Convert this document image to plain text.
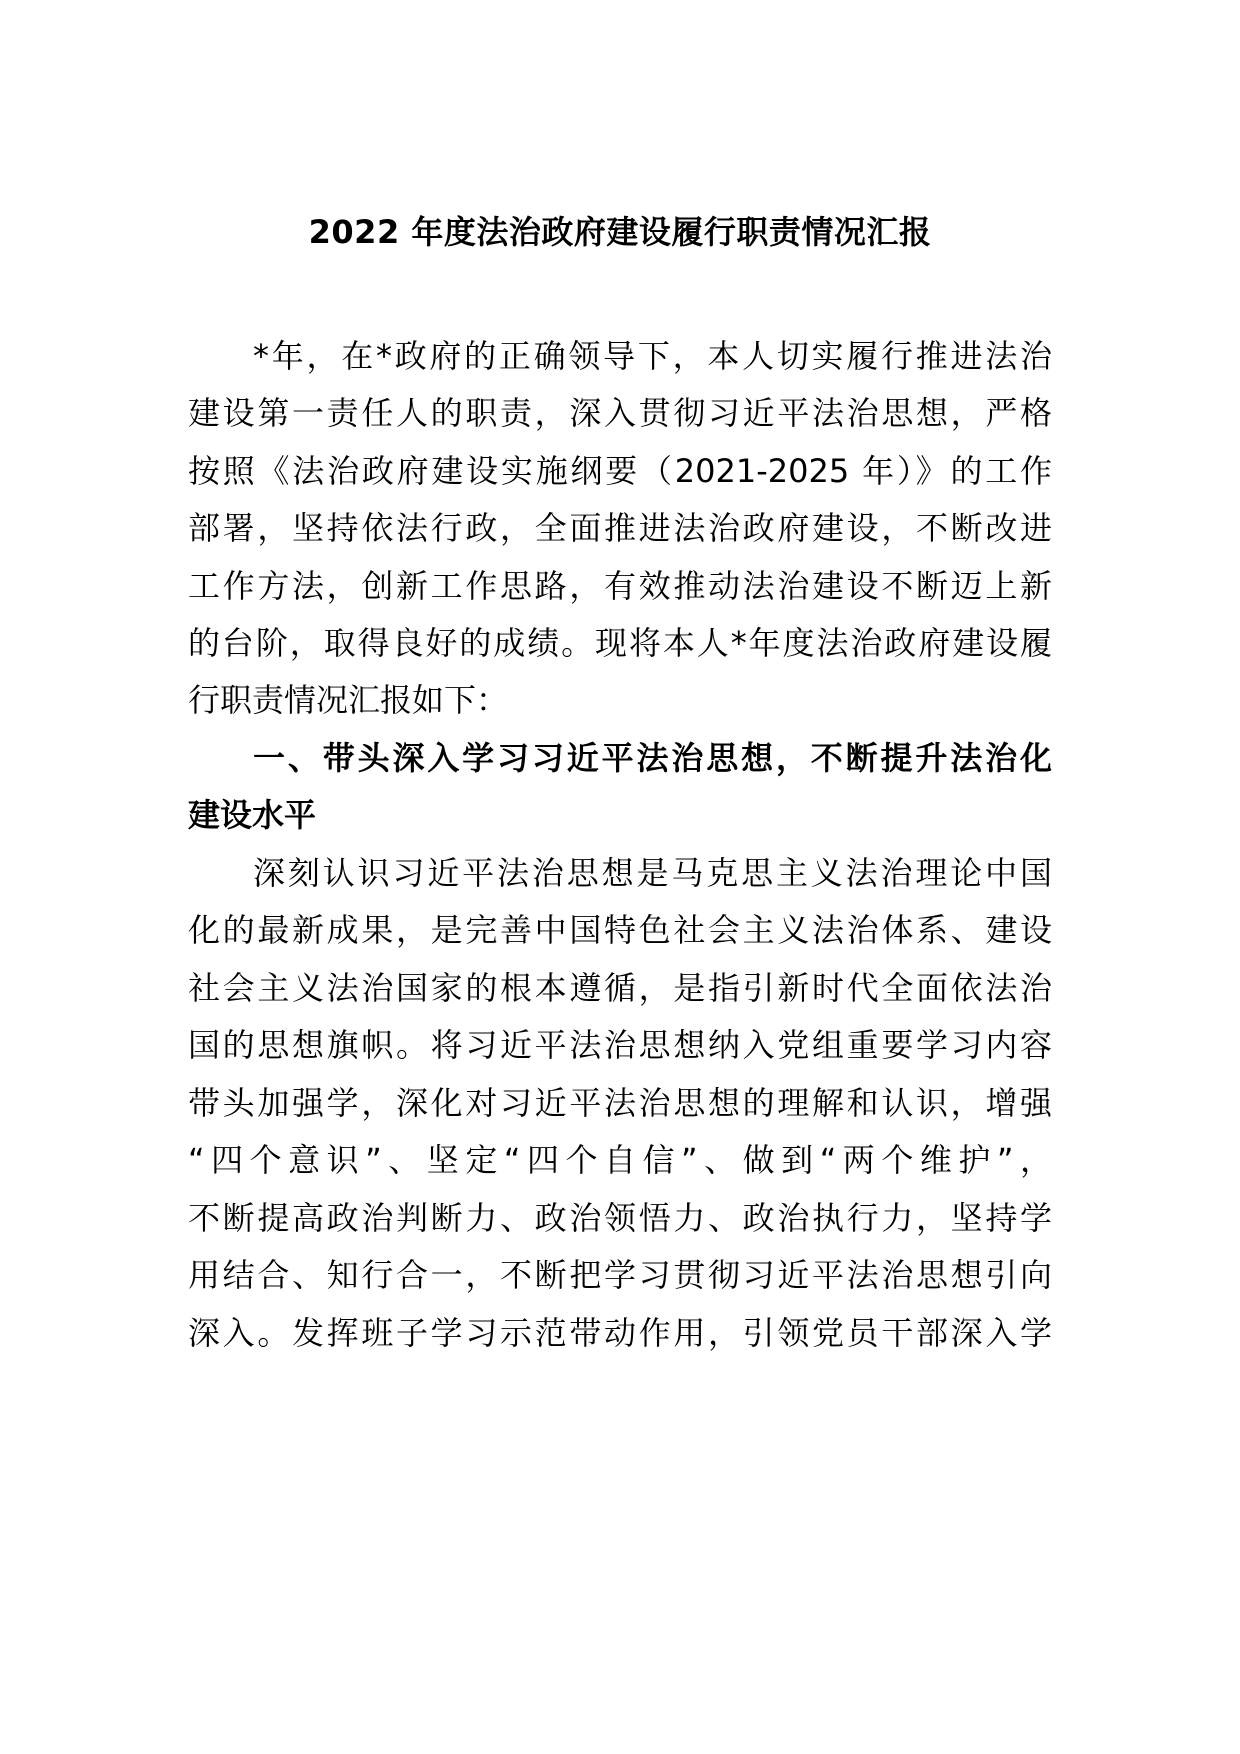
2022 年度法治政府建设履行职责情况汇报

*年，在*政府的正确领导下，本人切实履行推进法治

建设第一责任人的职责，深入贯彻习近平法治思想，严格

按照《法治政府建设实施纲要（2021-2025 年）》的工作

部署，坚持依法行政，全面推进法治政府建设，不断改进

工作方法，创新工作思路，有效推动法治建设不断迈上新

的台阶，取得良好的成绩。现将本人*年度法治政府建设履

行职责情况汇报如下：

一、带头深入学习习近平法治思想，不断提升法治化

建设水平

深刻认识习近平法治思想是马克思主义法治理论中国

化的最新成果，是完善中国特色社会主义法治体系、建设

社会主义法治国家的根本遵循，是指引新时代全面依法治

国的思想旗帜。将习近平法治思想纳入党组重要学习内容

带头加强学，深化对习近平法治思想的理解和认识，增强

“四个意识”、坚定“四个自信”、做到“两个维护”，

不断提高政治判断力、政治领悟力、政治执行力，坚持学

用结合、知行合一，不断把学习贯彻习近平法治思想引向

深入。发挥班子学习示范带动作用，引领党员干部深入学
